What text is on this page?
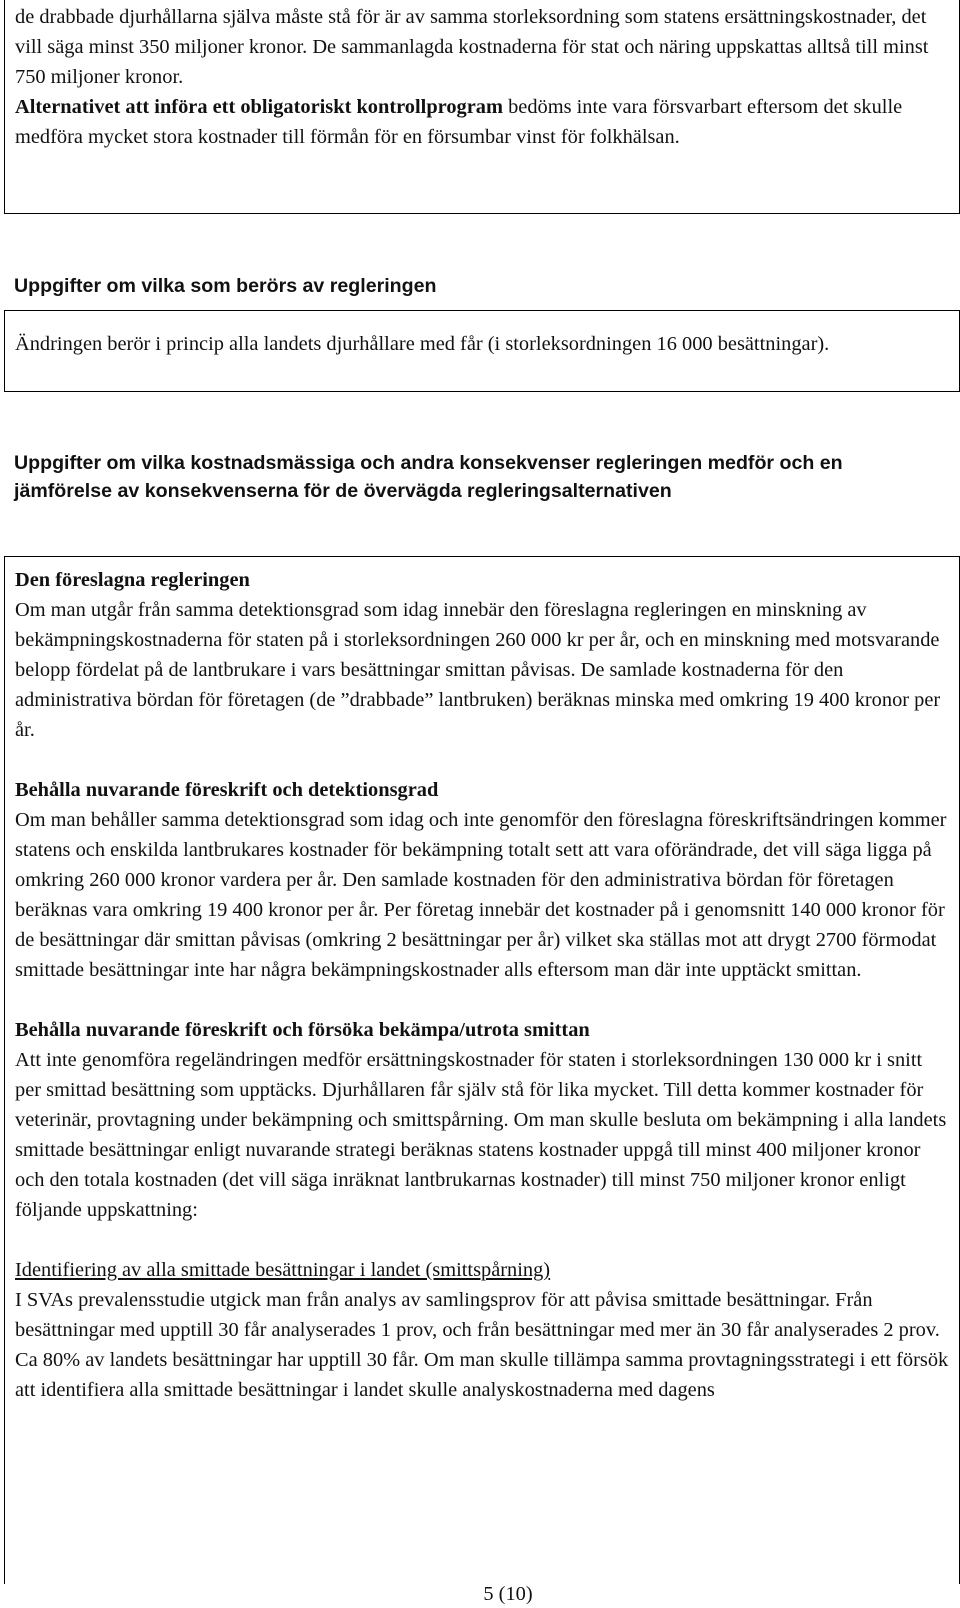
de drabbade djurhållarna själva måste stå för är av samma storleksordning som statens ersättningskostnader, det vill säga minst 350 miljoner kronor. De sammanlagda kostnaderna för stat och näring uppskattas alltså till minst 750 miljoner kronor.

Alternativet att införa ett obligatoriskt kontrollprogram bedöms inte vara försvarbart eftersom det skulle medföra mycket stora kostnader till förmån för en försumbar vinst för folkhälsan.

Uppgifter om vilka som berörs av regleringen

Ändringen berör i princip alla landets djurhållare med får (i storleksordningen 16 000 besättningar).

Uppgifter om vilka kostnadsmässiga och andra konsekvenser regleringen medför och en jämförelse av konsekvenserna för de övervägda regleringsalternativen

Den föreslagna regleringen

Om man utgår från samma detektionsgrad som idag innebär den föreslagna regleringen en minskning av bekämpningskostnaderna för staten på i storleksordningen 260 000 kr per år, och en minskning med motsvarande belopp fördelat på de lantbrukare i vars besättningar smittan påvisas. De samlade kostnaderna för den administrativa bördan för företagen (de ”drabbade” lantbruken) beräknas minska med omkring 19 400 kronor per år.

Behålla nuvarande föreskrift och detektionsgrad

Om man behåller samma detektionsgrad som idag och inte genomför den föreslagna föreskriftsändringen kommer statens och enskilda lantbrukares kostnader för bekämpning totalt sett att vara oförändrade, det vill säga ligga på omkring 260 000 kronor vardera per år. Den samlade kostnaden för den administrativa bördan för företagen beräknas vara omkring 19 400 kronor per år. Per företag innebär det kostnader på i genomsnitt 140 000 kronor för de besättningar där smittan påvisas (omkring 2 besättningar per år) vilket ska ställas mot att drygt 2700 förmodat smittade besättningar inte har några bekämpningskostnader alls eftersom man där inte upptäckt smittan.

Behålla nuvarande föreskrift och försöka bekämpa/utrota smittan

Att inte genomföra regeländringen medför ersättningskostnader för staten i storleksordningen 130 000 kr i snitt per smittad besättning som upptäcks. Djurhållaren får själv stå för lika mycket. Till detta kommer kostnader för veterinär, provtagning under bekämpning och smittspårning. Om man skulle besluta om bekämpning i alla landets smittade besättningar enligt nuvarande strategi beräknas statens kostnader uppgå till minst 400 miljoner kronor och den totala kostnaden (det vill säga inräknat lantbrukarnas kostnader) till minst 750 miljoner kronor enligt följande uppskattning:

Identifiering av alla smittade besättningar i landet (smittspårning)

I SVAs prevalensstudie utgick man från analys av samlingsprov för att påvisa smittade besättningar. Från besättningar med upptill 30 får analyserades 1 prov, och från besättningar med mer än 30 får analyserades 2 prov. Ca 80% av landets besättningar har upptill 30 får. Om man skulle tillämpa samma provtagningsstrategi i ett försök att identifiera alla smittade besättningar i landet skulle analyskostnaderna med dagens

5 (10)
